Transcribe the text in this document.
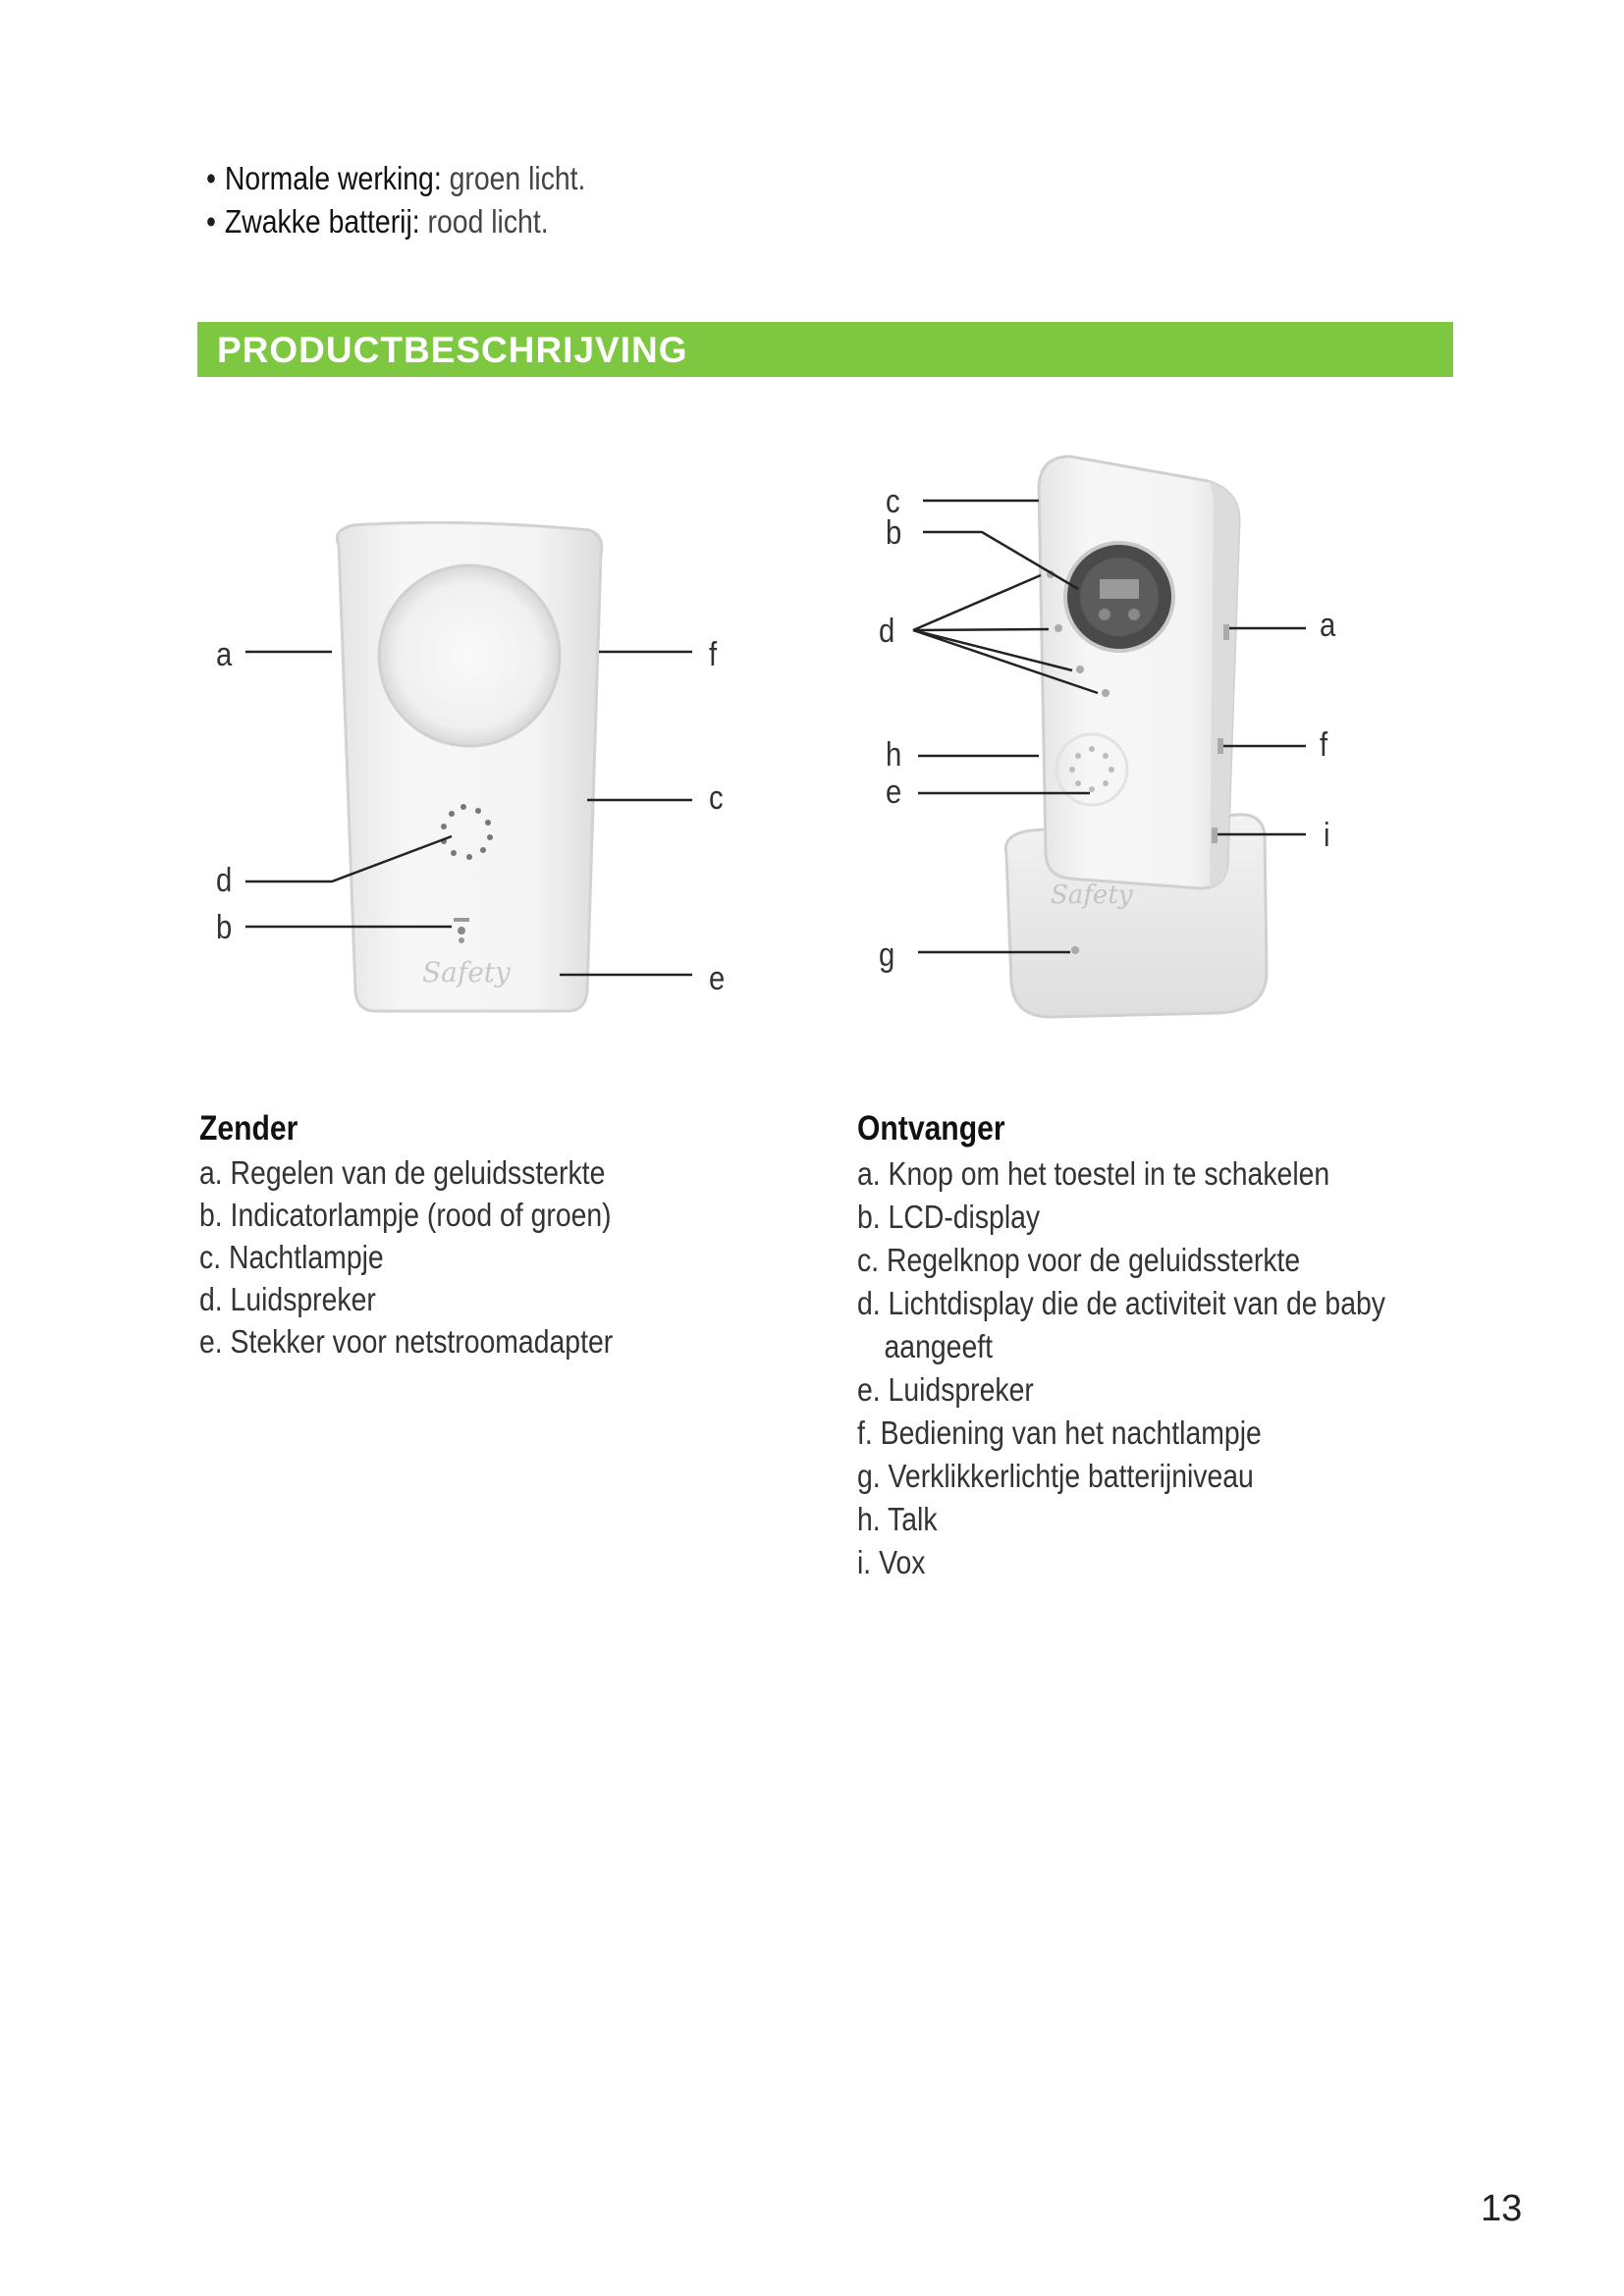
• Normale werking: groen licht.
• Zwakke batterij: rood licht.
PRODUCTBESCHRIJVING
Safety
Safety
a	f
c
d
b
e
c
b
d	a
h	f
e
i
g
Zender
a. Regelen van de geluidssterkte
b. Indicatorlampje (rood of groen)
c. Nachtlampje
d. Luidspreker
e. Stekker voor netstroomadapter
Ontvanger
a. Knop om het toestel in te schakelen
b. LCD-display
c. Regelknop voor de geluidssterkte
d. Lichtdisplay die de activiteit van de baby
aangeeft
e. Luidspreker
f. Bediening van het nachtlampje
g. Verklikkerlichtje batterijniveau
h. Talk
i. Vox
13
